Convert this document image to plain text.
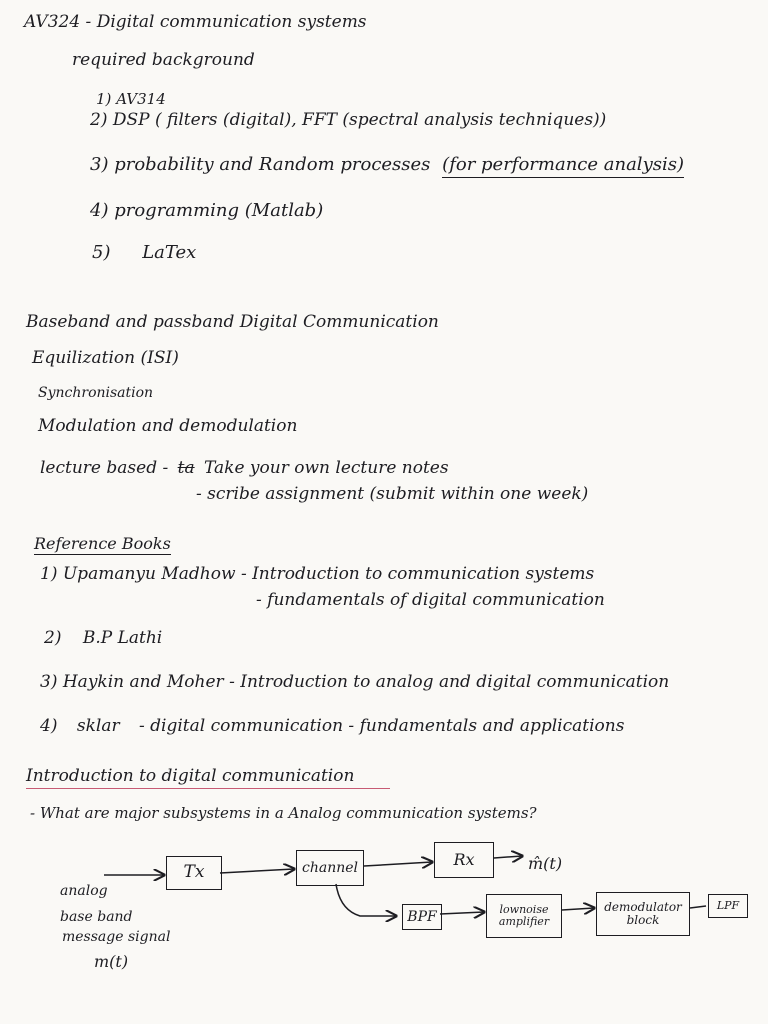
AV324 - Digital communication systems
required background
1) AV314
2) DSP ( filters (digital), FFT (spectral analysis techniques))
3) probability and Random processes (for performance analysis)
4) programming (Matlab)
5) LaTex
Baseband and passband Digital Communication
Equilization (ISI)
Synchronisation
Modulation and demodulation
lecture based - ta Take your own lecture notes
- scribe assignment (submit within one week)
Reference Books
1) Upamanyu Madhow - Introduction to communication systems
- fundamentals of digital communication
2) B.P Lathi
3) Haykin and Moher - Introduction to analog and digital communication
4) sklar - digital communication - fundamentals and applications
Introduction to digital communication
- What are major subsystems in a Analog communication systems?
Tx	channel	Rx	m̂(t)
BPF	lownoise amplifier
demodulator block
LPF
analog
base band
message signal
m(t)
